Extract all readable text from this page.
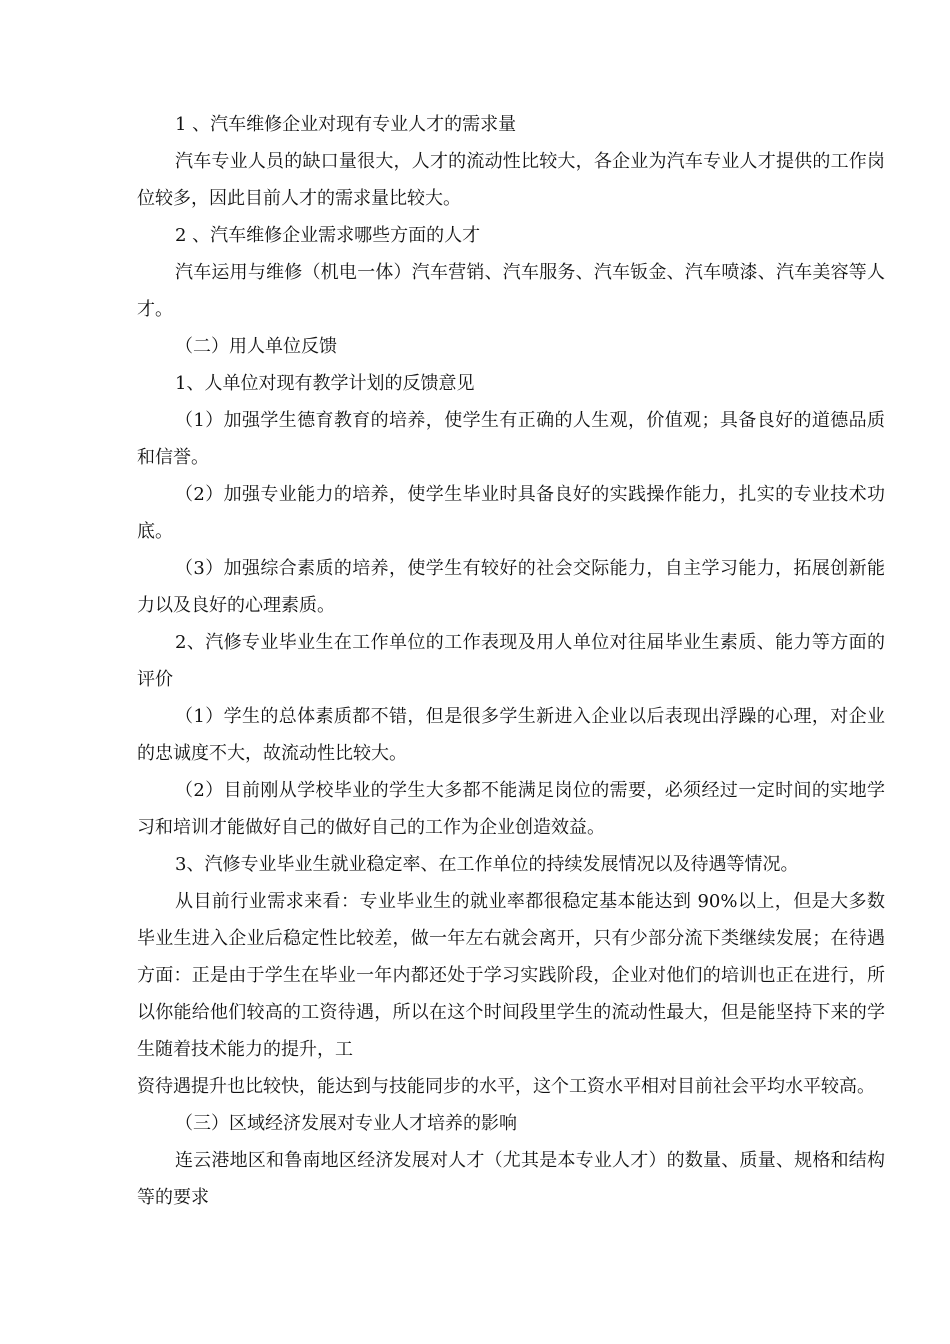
1 、汽车维修企业对现有专业人才的需求量

汽车专业人员的缺口量很大，人才的流动性比较大，各企业为汽车专业人才提供的工作岗位较多，因此目前人才的需求量比较大。

2 、汽车维修企业需求哪些方面的人才

汽车运用与维修（机电一体）汽车营销、汽车服务、汽车钣金、汽车喷漆、汽车美容等人才。

（二）用人单位反馈

1、人单位对现有教学计划的反馈意见

（1）加强学生德育教育的培养，使学生有正确的人生观，价值观；具备良好的道德品质和信誉。

（2）加强专业能力的培养，使学生毕业时具备良好的实践操作能力，扎实的专业技术功底。

（3）加强综合素质的培养，使学生有较好的社会交际能力，自主学习能力，拓展创新能力以及良好的心理素质。

2、汽修专业毕业生在工作单位的工作表现及用人单位对往届毕业生素质、能力等方面的评价

（1）学生的总体素质都不错，但是很多学生新进入企业以后表现出浮躁的心理，对企业的忠诚度不大，故流动性比较大。

（2）目前刚从学校毕业的学生大多都不能满足岗位的需要，必须经过一定时间的实地学习和培训才能做好自己的做好自己的工作为企业创造效益。

3、汽修专业毕业生就业稳定率、在工作单位的持续发展情况以及待遇等情况。

从目前行业需求来看：专业毕业生的就业率都很稳定基本能达到 90%以上，但是大多数毕业生进入企业后稳定性比较差，做一年左右就会离开，只有少部分流下类继续发展；在待遇方面：正是由于学生在毕业一年内都还处于学习实践阶段，企业对他们的培训也正在进行，所以你能给他们较高的工资待遇，所以在这个时间段里学生的流动性最大，但是能坚持下来的学生随着技术能力的提升，工

资待遇提升也比较快，能达到与技能同步的水平，这个工资水平相对目前社会平均水平较高。

（三）区域经济发展对专业人才培养的影响

连云港地区和鲁南地区经济发展对人才（尤其是本专业人才）的数量、质量、规格和结构等的要求
